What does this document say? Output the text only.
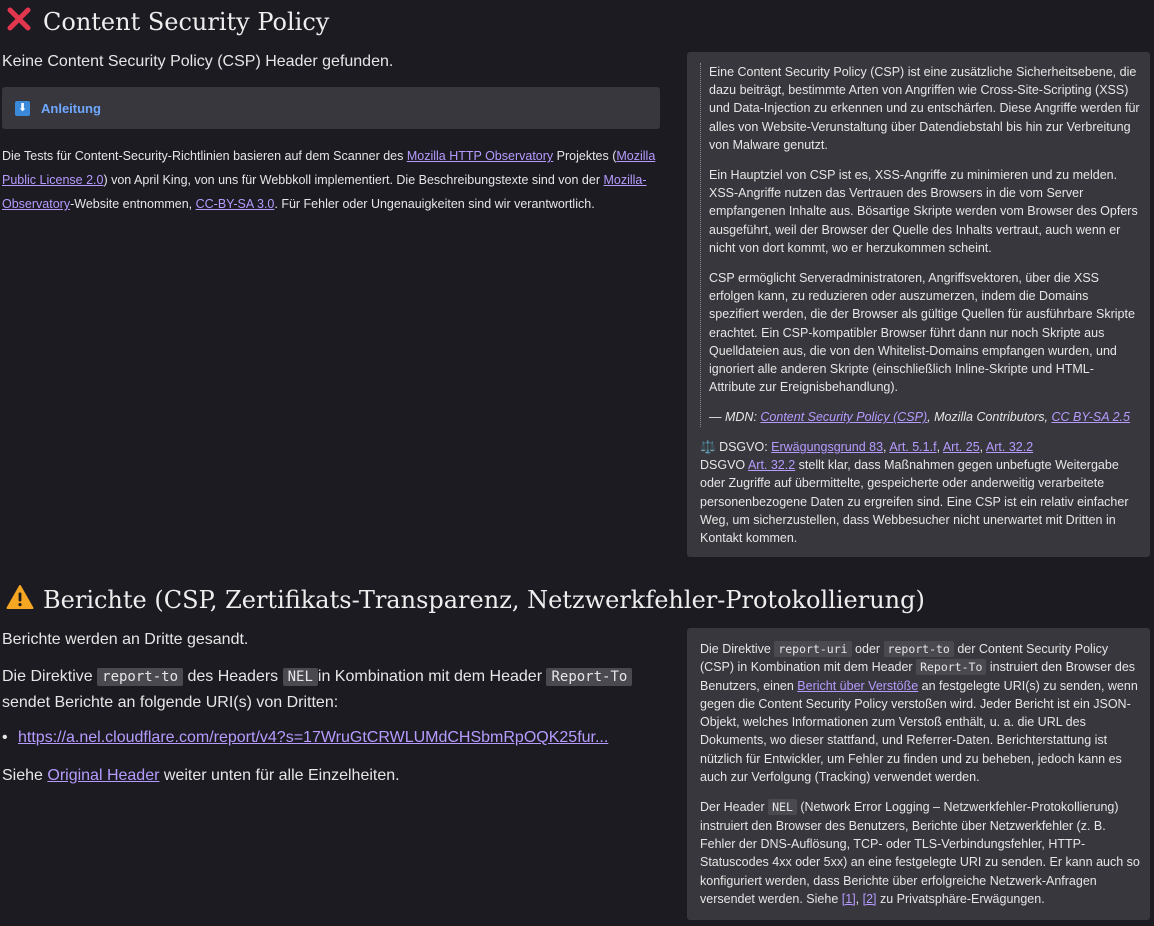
Content Security Policy

Keine Content Security Policy (CSP) Header gefunden.

⬇ Anleitung

Die Tests für Content-Security-Richtlinien basieren auf dem Scanner des Mozilla HTTP Observatory Projektes (Mozilla Public License 2.0) von April King, von uns für Webbkoll implementiert. Die Beschreibungstexte sind von der Mozilla-Observatory-Website entnommen, CC-BY-SA 3.0. Für Fehler oder Ungenauigkeiten sind wir verantwortlich.

Eine Content Security Policy (CSP) ist eine zusätzliche Sicherheitsebene, die dazu beiträgt, bestimmte Arten von Angriffen wie Cross-Site-Scripting (XSS) und Data-Injection zu erkennen und zu entschärfen. Diese Angriffe werden für alles von Website-Verunstaltung über Datendiebstahl bis hin zur Verbreitung von Malware genutzt.

Ein Hauptziel von CSP ist es, XSS-Angriffe zu minimieren und zu melden. XSS-Angriffe nutzen das Vertrauen des Browsers in die vom Server empfangenen Inhalte aus. Bösartige Skripte werden vom Browser des Opfers ausgeführt, weil der Browser der Quelle des Inhalts vertraut, auch wenn er nicht von dort kommt, wo er herzukommen scheint.

CSP ermöglicht Serveradministratoren, Angriffsvektoren, über die XSS erfolgen kann, zu reduzieren oder auszumerzen, indem die Domains spezifiert werden, die der Browser als gültige Quellen für ausführbare Skripte erachtet. Ein CSP-kompatibler Browser führt dann nur noch Skripte aus Quelldateien aus, die von den Whitelist-Domains empfangen wurden, und ignoriert alle anderen Skripte (einschließlich Inline-Skripte und HTML-Attribute zur Ereignisbehandlung).

— MDN: Content Security Policy (CSP), Mozilla Contributors, CC BY-SA 2.5

⚖️ DSGVO: Erwägungsgrund 83, Art. 5.1.f, Art. 25, Art. 32.2

DSGVO Art. 32.2 stellt klar, dass Maßnahmen gegen unbefugte Weitergabe oder Zugriffe auf übermittelte, gespeicherte oder anderweitig verarbeitete personenbezogene Daten zu ergreifen sind. Eine CSP ist ein relativ einfacher Weg, um sicherzustellen, dass Webbesucher nicht unerwartet mit Dritten in Kontakt kommen.

Berichte (CSP, Zertifikats-Transparenz, Netzwerkfehler-Protokollierung)

Berichte werden an Dritte gesandt.

Die Direktive report-to des Headers NEL in Kombination mit dem Header Report-To sendet Berichte an folgende URI(s) von Dritten:

• https://a.nel.cloudflare.com/report/v4?s=17WruGtCRWLUMdCHSbmRpOQK25fur...

Siehe Original Header weiter unten für alle Einzelheiten.

Die Direktive report-uri oder report-to der Content Security Policy (CSP) in Kombination mit dem Header Report-To instruiert den Browser des Benutzers, einen Bericht über Verstöße an festgelegte URI(s) zu senden, wenn gegen die Content Security Policy verstoßen wird. Jeder Bericht ist ein JSON-Objekt, welches Informationen zum Verstoß enthält, u. a. die URL des Dokuments, wo dieser stattfand, und Referrer-Daten. Berichterstattung ist nützlich für Entwickler, um Fehler zu finden und zu beheben, jedoch kann es auch zur Verfolgung (Tracking) verwendet werden.

Der Header NEL (Network Error Logging – Netzwerkfehler-Protokollierung) instruiert den Browser des Benutzers, Berichte über Netzwerkfehler (z. B. Fehler der DNS-Auflösung, TCP- oder TLS-Verbindungsfehler, HTTP-Statuscodes 4xx oder 5xx) an eine festgelegte URI zu senden. Er kann auch so konfiguriert werden, dass Berichte über erfolgreiche Netzwerk-Anfragen versendet werden. Siehe [1], [2] zu Privatsphäre-Erwägungen.
